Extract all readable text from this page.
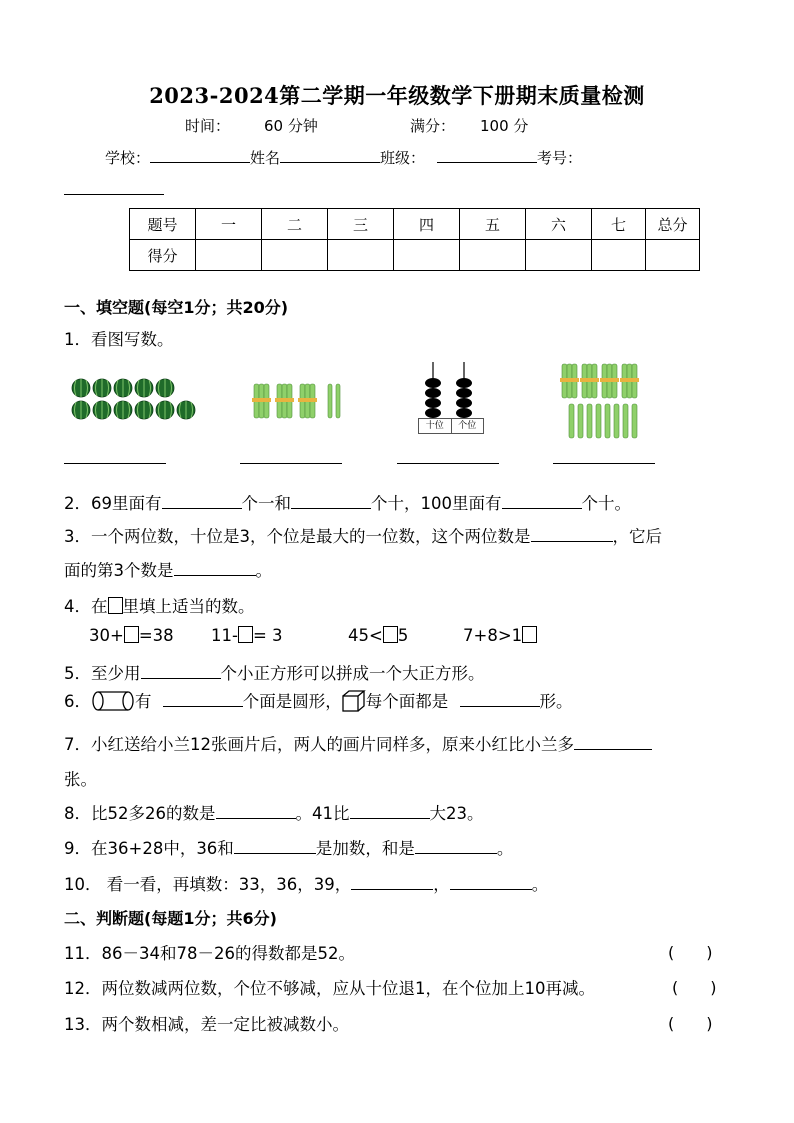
2023-2024第二学期一年级数学下册期末质量检测
时间： 60 分钟	满分： 100 分
学校：	姓名	班级：	考号：
题号	一	二	三	四	五	六	七	总分
得分								
一、填空题(每空1分；共20分)
1．看图写数。
十位	个位
2．69里面有	个一和	个十，100里面有	个十。
3．一个两位数，十位是3，个位是最大的一位数，这个两位数是	，它后
面的第3个数是	。
4．在 里填上适当的数。
30+ =38 11- = 3	45< 5	7+8>1
5．至少用	个小正方形可以拼成一个大正方形。
6．	有	个面是圆形， 每个面都是	形。
7．小红送给小兰12张画片后，两人的画片同样多，原来小红比小兰多
张。
8．比52多26的数是	。41比	大23。
9．在36+28中，36和	是加数，和是	。
10． 看一看，再填数：33，36，39，	，	。
二、判断题(每题1分；共6分)
11．86－34和78－26的得数都是52。	(　　)
12．两位数减两位数，个位不够减，应从十位退1，在个位加上10再减。	(　　)
13．两个数相减，差一定比被减数小。	(　　)
